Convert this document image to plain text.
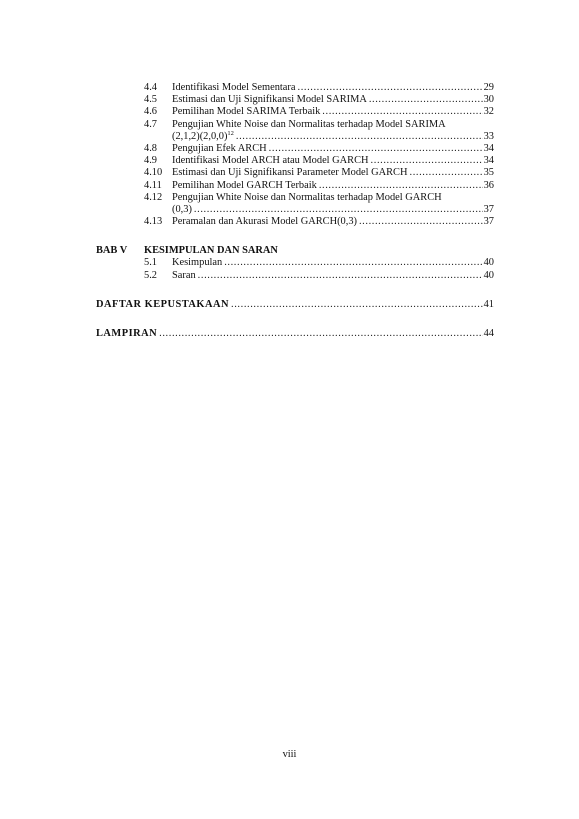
4.4 Identifikasi Model Sementara .....	29
4.5 Estimasi dan Uji Signifikansi Model SARIMA .....	30
4.6 Pemilihan Model SARIMA Terbaik .....	32
4.7 Pengujian White Noise dan Normalitas terhadap Model SARIMA
$(2,1,2)(2,0,0)^{12}$ .....	33
4.8 Pengujian Efek ARCH .....	34
4.9 Identifikasi Model ARCH atau Model GARCH .....	34
4.10 Estimasi dan Uji Signifikansi Parameter Model GARCH .....	35
4.11 Pemilihan Model GARCH Terbaik .....	36
4.12 Pengujian White Noise dan Normalitas terhadap Model GARCH
(0,3) .....	37
4.13 Peramalan dan Akurasi Model GARCH(0,3) .....	37
BAB V KESIMPULAN DAN SARAN
5.1 Kesimpulan .....	40
5.2 Saran .....	40
DAFTAR KEPUSTAKAAN .....	41
LAMPIRAN .....	44
viii
